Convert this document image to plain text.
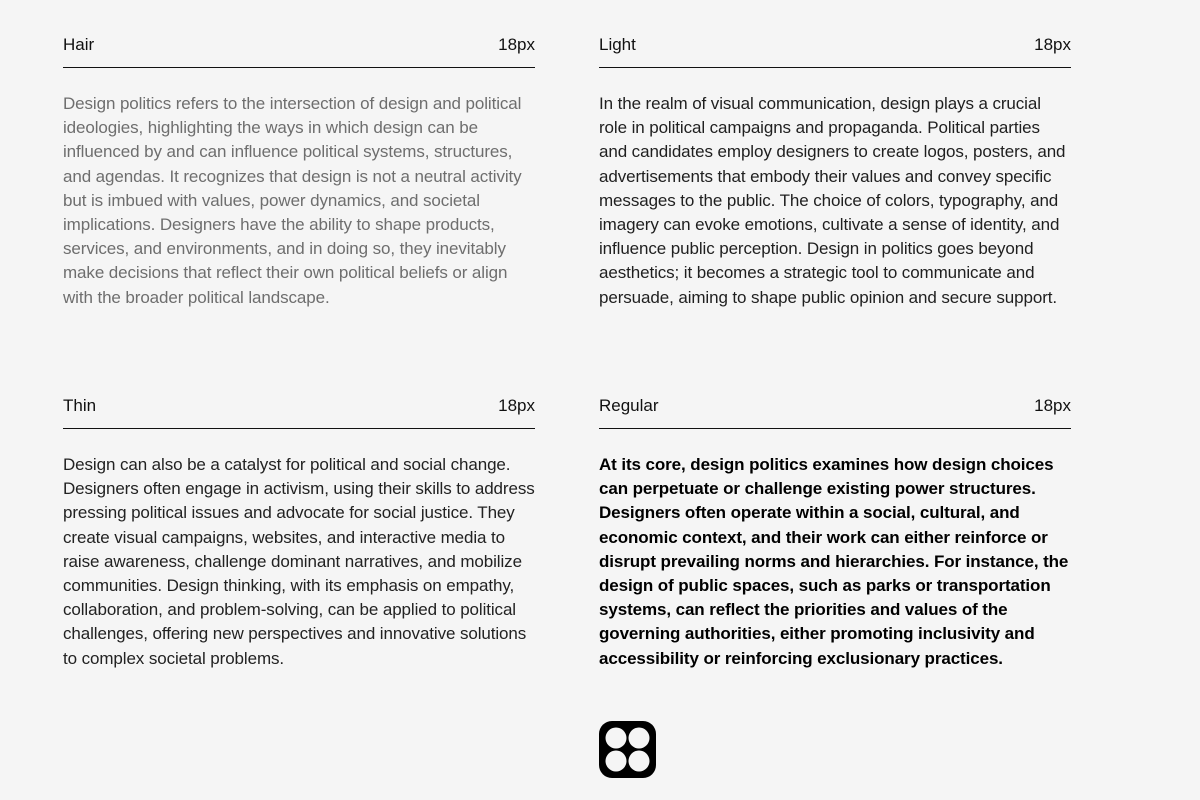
Hair	18px

Design politics refers to the intersection of design and political ideologies, highlighting the ways in which design can be influenced by and can influence political systems, structures, and agendas. It recognizes that design is not a neutral activity but is imbued with values, power dynamics, and societal implications. Designers have the ability to shape products, services, and environments, and in doing so, they inevitably make decisions that reflect their own political beliefs or align with the broader political landscape.

Light	18px

In the realm of visual communication, design plays a crucial role in political campaigns and propaganda. Political parties and candidates employ designers to create logos, posters, and advertisements that embody their values and convey specific messages to the public. The choice of colors, typography, and imagery can evoke emotions, cultivate a sense of identity, and influence public perception. Design in politics goes beyond aesthetics; it becomes a strategic tool to communicate and persuade, aiming to shape public opinion and secure support.

Thin	18px

Design can also be a catalyst for political and social change. Designers often engage in activism, using their skills to address pressing political issues and advocate for social justice. They create visual campaigns, websites, and interactive media to raise awareness, challenge dominant narratives, and mobilize communities. Design thinking, with its emphasis on empathy, collaboration, and problem-solving, can be applied to political challenges, offering new perspectives and innovative solutions to complex societal problems.

Regular	18px

At its core, design politics examines how design choices can perpetuate or challenge existing power structures. Designers often operate within a social, cultural, and economic context, and their work can either reinforce or disrupt prevailing norms and hierarchies. For instance, the design of public spaces, such as parks or transportation systems, can reflect the priorities and values of the governing authorities, either promoting inclusivity and accessibility or reinforcing exclusionary practices.
